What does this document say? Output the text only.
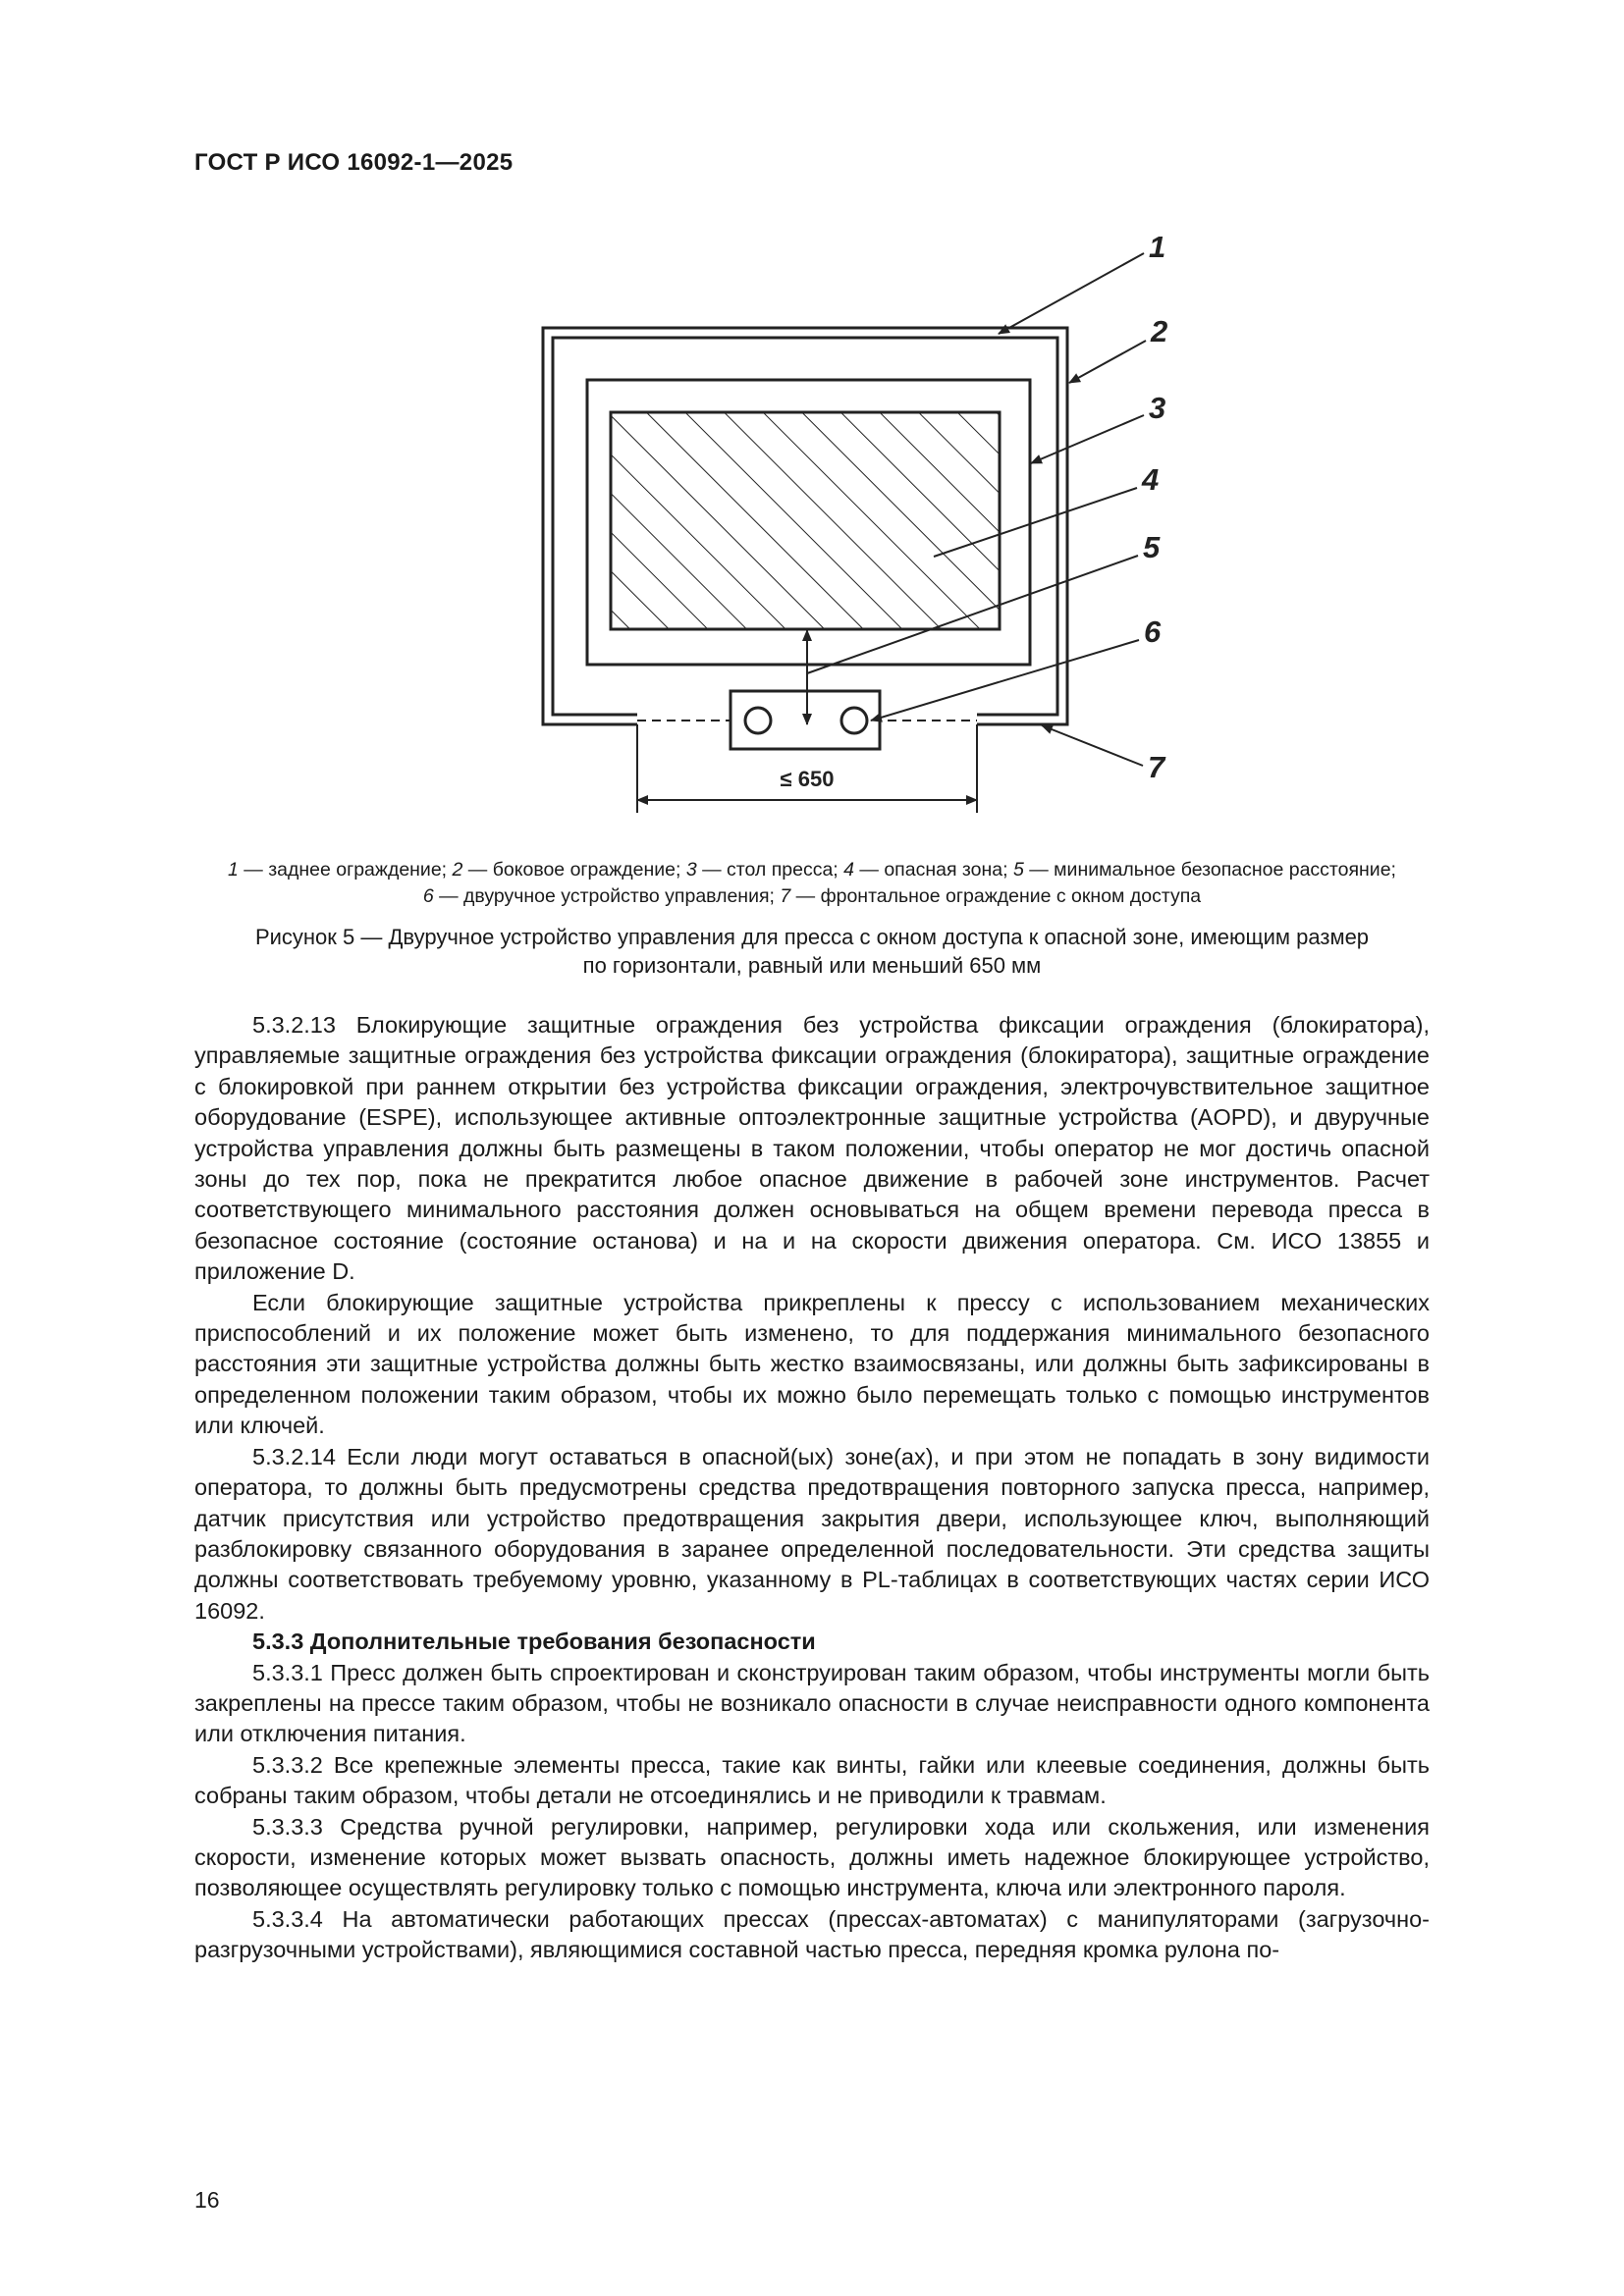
ГОСТ Р ИСО 16092-1—2025
≤ 650
1
2
3
4
5
6
7
1 — заднее ограждение; 2 — боковое ограждение; 3 — стол пресса; 4 — опасная зона; 5 — минимальное безопасное расстояние;
6 — двуручное устройство управления; 7 — фронтальное ограждение с окном доступа
Рисунок 5 — Двуручное устройство управления для пресса с окном доступа к опасной зоне, имеющим размер
по горизонтали, равный или меньший 650 мм

5.3.2.13 Блокирующие защитные ограждения без устройства фиксации ограждения (блокиратора), управляемые защитные ограждения без устройства фиксации ограждения (блокиратора), защитные ограждение с блокировкой при раннем открытии без устройства фиксации ограждения, электрочувствительное защитное оборудование (ESPE), использующее активные оптоэлектронные защитные устройства (AOPD), и двуручные устройства управления должны быть размещены в таком положении, чтобы оператор не мог достичь опасной зоны до тех пор, пока не прекратится любое опасное движение в рабочей зоне инструментов. Расчет соответствующего минимального расстояния должен основываться на общем времени перевода пресса в безопасное состояние (состояние останова) и на и на скорости движения оператора. См. ИСО 13855 и приложение D.

Если блокирующие защитные устройства прикреплены к прессу с использованием механических приспособлений и их положение может быть изменено, то для поддержания минимального безопасного расстояния эти защитные устройства должны быть жестко взаимосвязаны, или должны быть зафиксированы в определенном положении таким образом, чтобы их можно было перемещать только с помощью инструментов или ключей.

5.3.2.14 Если люди могут оставаться в опасной(ых) зоне(ах), и при этом не попадать в зону видимости оператора, то должны быть предусмотрены средства предотвращения повторного запуска пресса, например, датчик присутствия или устройство предотвращения закрытия двери, использующее ключ, выполняющий разблокировку связанного оборудования в заранее определенной последовательности. Эти средства защиты должны соответствовать требуемому уровню, указанному в PL-таблицах в соответствующих частях серии ИСО 16092.

5.3.3 Дополнительные требования безопасности

5.3.3.1 Пресс должен быть спроектирован и сконструирован таким образом, чтобы инструменты могли быть закреплены на прессе таким образом, чтобы не возникало опасности в случае неисправности одного компонента или отключения питания.

5.3.3.2 Все крепежные элементы пресса, такие как винты, гайки или клеевые соединения, должны быть собраны таким образом, чтобы детали не отсоединялись и не приводили к травмам.

5.3.3.3 Средства ручной регулировки, например, регулировки хода или скольжения, или изменения скорости, изменение которых может вызвать опасность, должны иметь надежное блокирующее устройство, позволяющее осуществлять регулировку только с помощью инструмента, ключа или электронного пароля.

5.3.3.4 На автоматически работающих прессах (прессах-автоматах) с манипуляторами (загрузочно-разгрузочными устройствами), являющимися составной частью пресса, передняя кромка рулона по-

16
